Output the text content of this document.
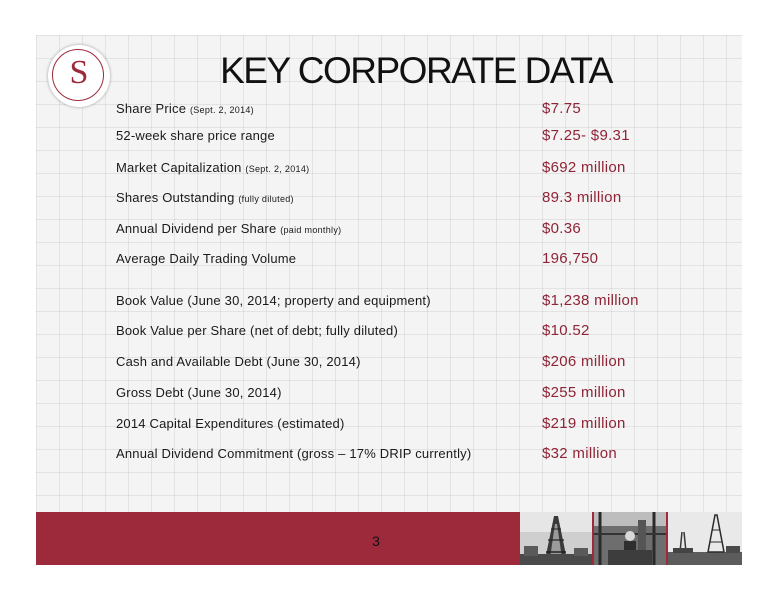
S	KEY CORPORATE DATA
Share Price (Sept. 2, 2014)	$7.75
52-week share price range	$7.25- $9.31
Market Capitalization (Sept. 2, 2014)	$692 million
Shares Outstanding (fully diluted)	89.3 million
Annual Dividend per Share (paid monthly)	$0.36
Average Daily Trading Volume	196,750
Book Value (June 30, 2014; property and equipment)	$1,238 million
Book Value per Share (net of debt; fully diluted)	$10.52
Cash and Available Debt (June 30, 2014)	$206 million
Gross Debt (June 30, 2014)	$255 million
2014 Capital Expenditures (estimated)	$219 million
Annual Dividend Commitment (gross – 17% DRIP currently)	$32 million
3
